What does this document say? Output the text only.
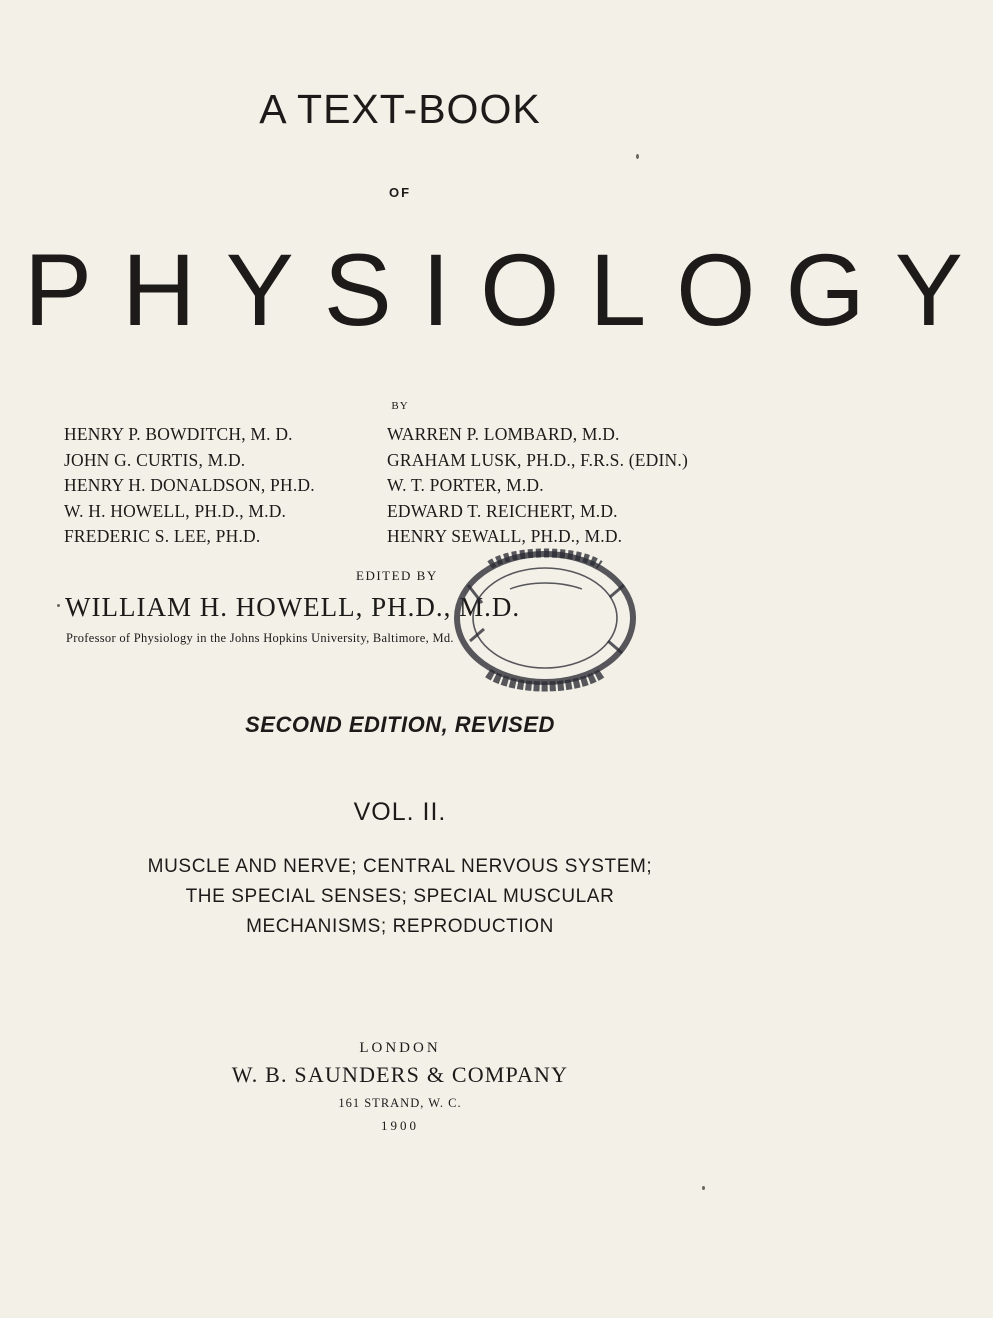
A TEXT-BOOK
OF
PHYSIOLOGY
BY
HENRY P. BOWDITCH, M. D.
JOHN G. CURTIS, M.D.
HENRY H. DONALDSON, PH.D.
W. H. HOWELL, PH.D., M.D.
FREDERIC S. LEE, PH.D.
WARREN P. LOMBARD, M.D.
GRAHAM LUSK, PH.D., F.R.S. (EDIN.)
W. T. PORTER, M.D.
EDWARD T. REICHERT, M.D.
HENRY SEWALL, PH.D., M.D.
EDITED BY
WILLIAM H. HOWELL, PH.D., M.D.
Professor of Physiology in the Johns Hopkins University, Baltimore, Md.
SECOND EDITION, REVISED
VOL. II.
MUSCLE AND NERVE; CENTRAL NERVOUS SYSTEM;
THE SPECIAL SENSES; SPECIAL MUSCULAR
MECHANISMS; REPRODUCTION
LONDON
W. B. SAUNDERS & COMPANY
161 STRAND, W. C.
1900
